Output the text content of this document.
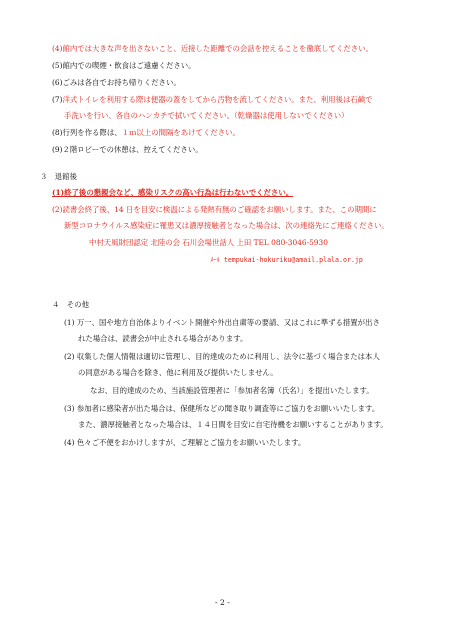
(4)館内では大きな声を出さないこと、近接した距離での会話を控えることを徹底してください。
(5)館内での喫煙・飲食はご遠慮ください。
(6)ごみは各自でお持ち帰りください。
(7)洋式トイレを利用する際は便器の蓋をしてから汚物を流してください。また、利用後は石鹸で
手洗いを行い、各自のハンカチで拭いてください。（乾燥器は使用しないでください）
(8)行列を作る際は、１ｍ以上の間隔をあけてください。
(9)２階ロビーでの休憩は、控えてください。
３　退館後
(1)終了後の懇親会など、感染リスクの高い行為は行わないでください。
(2)読書会終了後、14 日を目安に検温による発熱有無のご確認をお願いします。また、この期間に
新型コロナウイルス感染症に罹患又は濃厚接触者となった場合は、次の連絡先にご連絡ください。
中村天風財団認定 北陸の会 石川会場世話人 上田 TEL 080-3046-5930
ﾒｰﾙ tempukai-hokuriku@amail.plala.or.jp
４　その他
(1) 万一、国や地方自治体よりイベント開催や外出自粛等の要請、又はこれに準ずる措置が出さ
れた場合は、読書会が中止される場合があります。
(2) 収集した個人情報は適切に管理し、目的達成のために利用し、法令に基づく場合または本人
の同意がある場合を除き、他に利用及び提供いたしません。
なお、目的達成のため、当該施設管理者に「参加者名簿（氏名）」を提出いたします。
(3) 参加者に感染者が出た場合は、保健所などの聞き取り調査等にご協力をお願いいたします。
また、濃厚接触者となった場合は、１４日間を目安に自宅待機をお願いすることがあります。
(4) 色々ご不便をおかけしますが、ご理解とご協力をお願いいたします。
- 2 -
